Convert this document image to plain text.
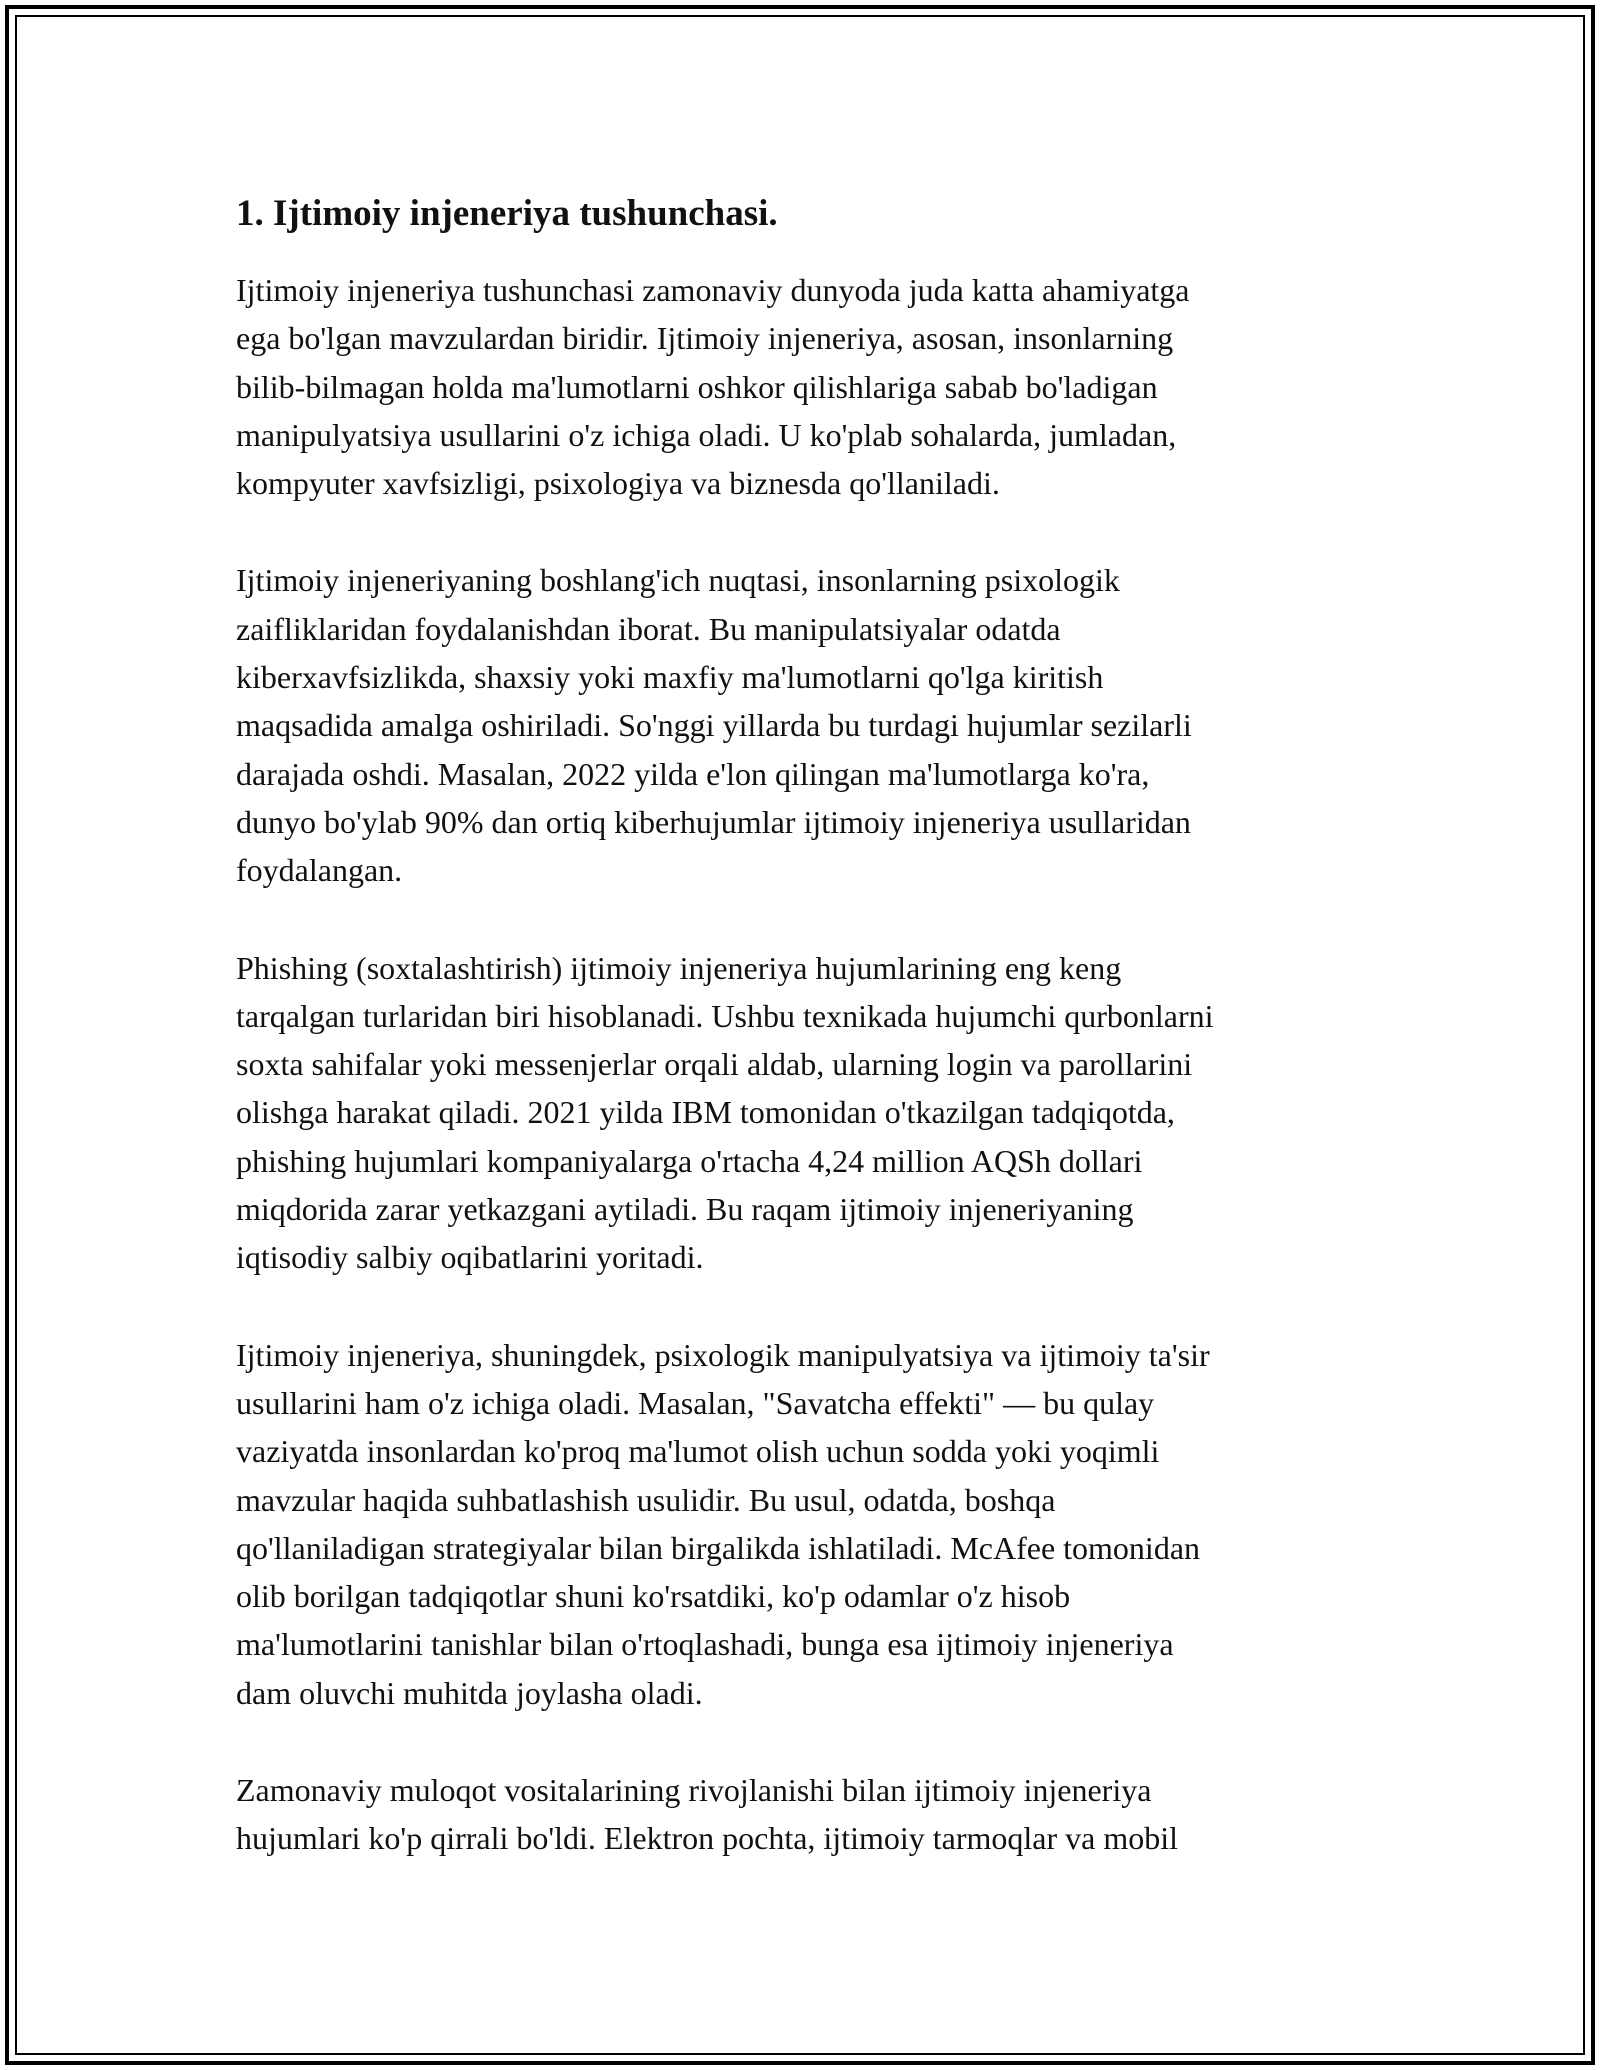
1. Ijtimoiy injeneriya tushunchasi.

Ijtimoiy injeneriya tushunchasi zamonaviy dunyoda juda katta ahamiyatga
ega bo'lgan mavzulardan biridir. Ijtimoiy injeneriya, asosan, insonlarning
bilib-bilmagan holda ma'lumotlarni oshkor qilishlariga sabab bo'ladigan
manipulyatsiya usullarini o'z ichiga oladi. U ko'plab sohalarda, jumladan,
kompyuter xavfsizligi, psixologiya va biznesda qo'llaniladi.

Ijtimoiy injeneriyaning boshlang'ich nuqtasi, insonlarning psixologik
zaifliklaridan foydalanishdan iborat. Bu manipulatsiyalar odatda
kiberxavfsizlikda, shaxsiy yoki maxfiy ma'lumotlarni qo'lga kiritish
maqsadida amalga oshiriladi. So'nggi yillarda bu turdagi hujumlar sezilarli
darajada oshdi. Masalan, 2022 yilda e'lon qilingan ma'lumotlarga ko'ra,
dunyo bo'ylab 90% dan ortiq kiberhujumlar ijtimoiy injeneriya usullaridan
foydalangan.

Phishing (soxtalashtirish) ijtimoiy injeneriya hujumlarining eng keng
tarqalgan turlaridan biri hisoblanadi. Ushbu texnikada hujumchi qurbonlarni
soxta sahifalar yoki messenjerlar orqali aldab, ularning login va parollarini
olishga harakat qiladi. 2021 yilda IBM tomonidan o'tkazilgan tadqiqotda,
phishing hujumlari kompaniyalarga o'rtacha 4,24 million AQSh dollari
miqdorida zarar yetkazgani aytiladi. Bu raqam ijtimoiy injeneriyaning
iqtisodiy salbiy oqibatlarini yoritadi.

Ijtimoiy injeneriya, shuningdek, psixologik manipulyatsiya va ijtimoiy ta'sir
usullarini ham o'z ichiga oladi. Masalan, "Savatcha effekti" — bu qulay
vaziyatda insonlardan ko'proq ma'lumot olish uchun sodda yoki yoqimli
mavzular haqida suhbatlashish usulidir. Bu usul, odatda, boshqa
qo'llaniladigan strategiyalar bilan birgalikda ishlatiladi. McAfee tomonidan
olib borilgan tadqiqotlar shuni ko'rsatdiki, ko'p odamlar o'z hisob
ma'lumotlarini tanishlar bilan o'rtoqlashadi, bunga esa ijtimoiy injeneriya
dam oluvchi muhitda joylasha oladi.

Zamonaviy muloqot vositalarining rivojlanishi bilan ijtimoiy injeneriya
hujumlari ko'p qirrali bo'ldi. Elektron pochta, ijtimoiy tarmoqlar va mobil
